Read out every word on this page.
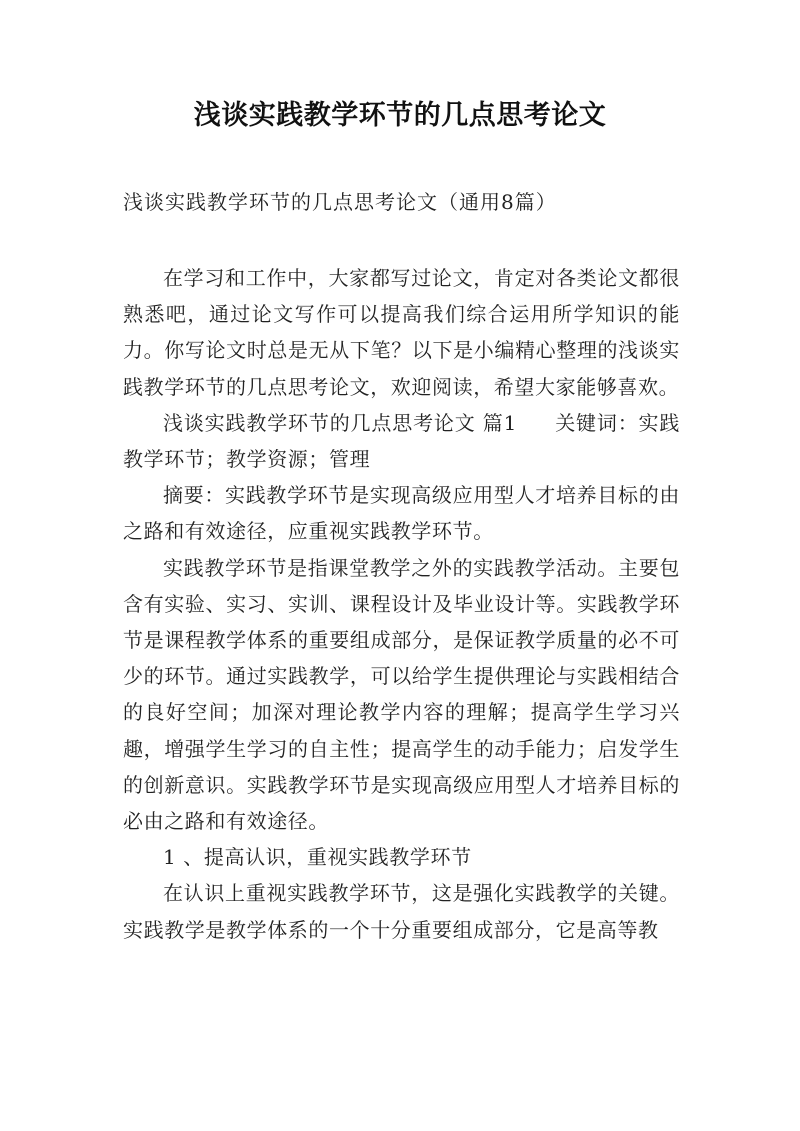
浅谈实践教学环节的几点思考论文
浅谈实践教学环节的几点思考论文（通用8篇）

在学习和工作中，大家都写过论文，肯定对各类论文都很熟悉吧，通过论文写作可以提高我们综合运用所学知识的能力。你写论文时总是无从下笔？以下是小编精心整理的浅谈实践教学环节的几点思考论文，欢迎阅读，希望大家能够喜欢。

浅谈实践教学环节的几点思考论文 篇1 关键词：实践教学环节；教学资源；管理

摘要：实践教学环节是实现高级应用型人才培养目标的由之路和有效途径，应重视实践教学环节。

实践教学环节是指课堂教学之外的实践教学活动。主要包含有实验、实习、实训、课程设计及毕业设计等。实践教学环节是课程教学体系的重要组成部分，是保证教学质量的必不可少的环节。通过实践教学，可以给学生提供理论与实践相结合的良好空间；加深对理论教学内容的理解；提高学生学习兴趣，增强学生学习的自主性；提高学生的动手能力；启发学生的创新意识。实践教学环节是实现高级应用型人才培养目标的必由之路和有效途径。

1 、提高认识，重视实践教学环节

在认识上重视实践教学环节，这是强化实践教学的关键。实践教学是教学体系的一个十分重要组成部分，它是高等教
